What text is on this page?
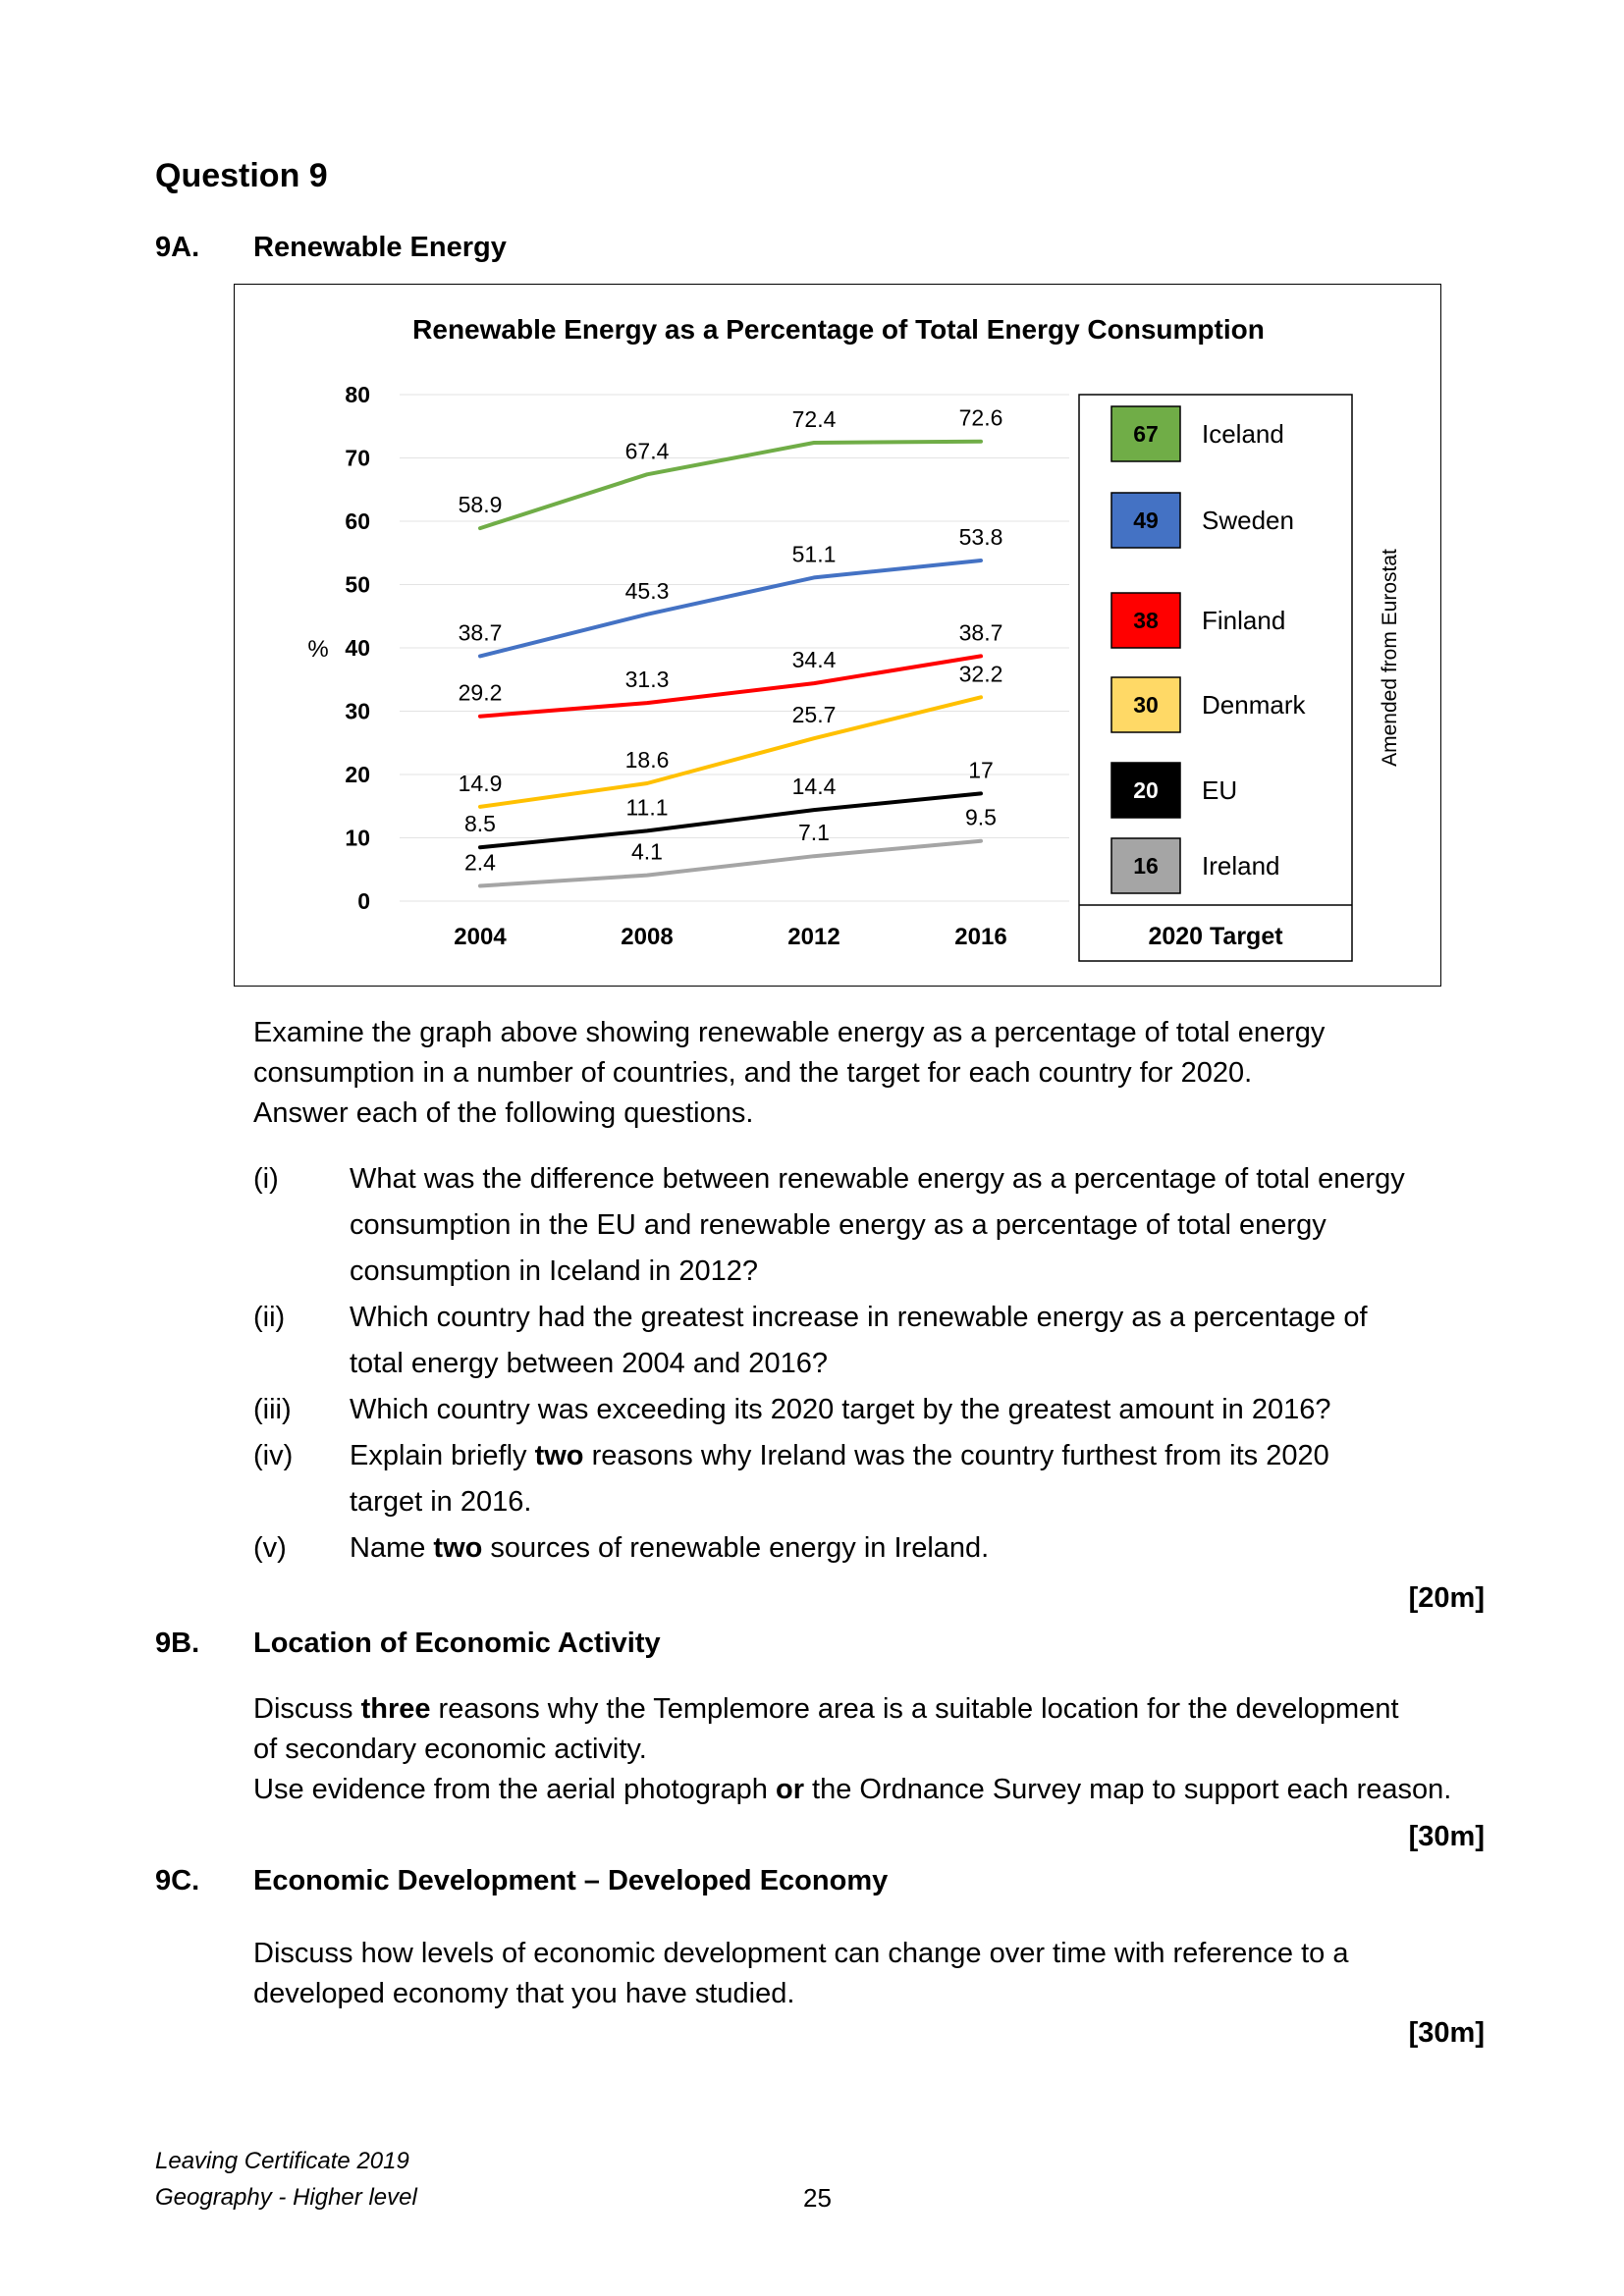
Question 9
9A. Renewable Energy
Renewable Energy as a Percentage of Total Energy Consumption
0
10
20
30
40
50
60
70
80
%
2004	2008	2012	2016
58.9
67.4
72.4	72.6
38.7
45.3
51.1
53.8
29.2
31.3
34.4
38.7
14.9
18.6
25.7
32.2
8.5
11.1
14.4
17
2.4	4.1
7.1
9.5
2020 Target
67 Iceland
49 Sweden
38 Finland
30 Denmark
20 EU
16 Ireland
Amended from Eurostat

Examine the graph above showing renewable energy as a percentage of total energy

consumption in a number of countries, and the target for each country for 2020.

Answer each of the following questions.

(i) What was the difference between renewable energy as a percentage of total energy
consumption in the EU and renewable energy as a percentage of total energy
consumption in Iceland in 2012?
(ii) Which country had the greatest increase in renewable energy as a percentage of
total energy between 2004 and 2016?
(iii) Which country was exceeding its 2020 target by the greatest amount in 2016?
(iv) Explain briefly two reasons why Ireland was the country furthest from its 2020
target in 2016.
(v) Name two sources of renewable energy in Ireland.
[20m]
9B. Location of Economic Activity

Discuss three reasons why the Templemore area is a suitable location for the development

of secondary economic activity.

Use evidence from the aerial photograph or the Ordnance Survey map to support each reason.

[30m]
9C. Economic Development – Developed Economy

Discuss how levels of economic development can change over time with reference to a

developed economy that you have studied.

[30m]
Leaving Certificate 2019
Geography - Higher level	25
